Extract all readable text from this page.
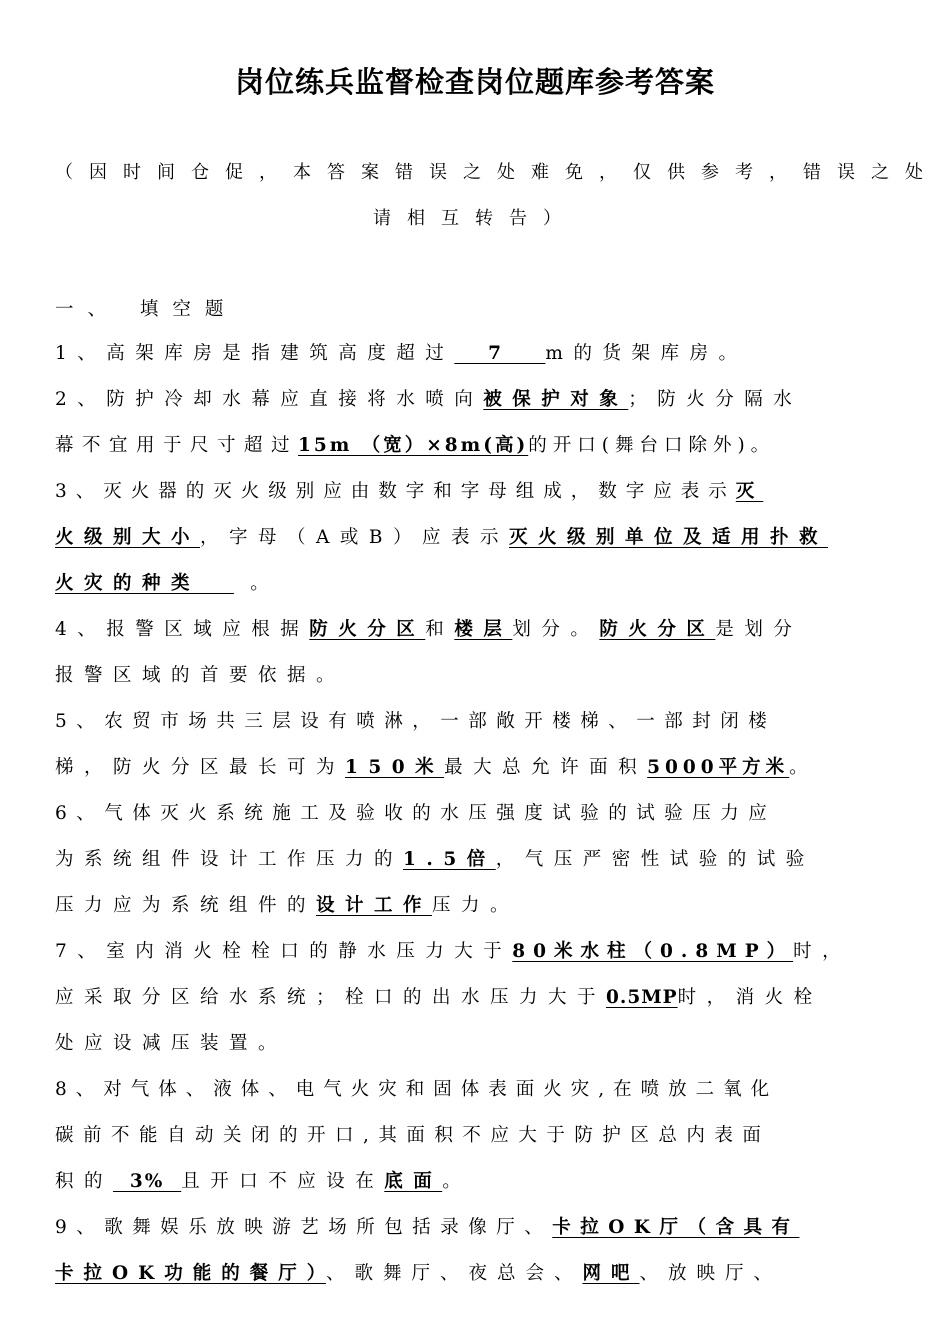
岗位练兵监督检查岗位题库参考答案
（因时间仓促，本答案错误之处难免，仅供参考，错误之处
请相互转告）
一、 填空题
1、高架库房是指建筑高度超过  7  m的货架库房。
2、防护冷却水幕应直接将水喷向被保护对象；防火分隔水
幕不宜用于尺寸超过15m （宽）×8m(高)的开口(舞台口除外)。
3、灭火器的灭火级别应由数字和字母组成，数字应表示灭
火级别大小，字母（A或B）应表示灭火级别单位及适用扑救
火灾的种类   。
4、报警区域应根据防火分区和楼层划分。防火分区是划分
报警区域的首要依据。
5、农贸市场共三层设有喷淋，一部敞开楼梯、一部封闭楼
梯，防火分区最长可为150米最大总允许面积5000平方米。
6、气体灭火系统施工及验收的水压强度试验的试验压力应
为系统组件设计工作压力的1.5倍，气压严密性试验的试验
压力应为系统组件的设计工作压力。
7、室内消火栓栓口的静水压力大于80米水柱（0.8MP）时，
应采取分区给水系统；栓口的出水压力大于0.5MP时，消火栓
处应设减压装置。
8、对气体、液体、电气火灾和固体表面火灾,在喷放二氧化
碳前不能自动关闭的开口,其面积不应大于防护区总内表面
积的  3%  且开口不应设在底面。
9、歌舞娱乐放映游艺场所包括录像厅、卡拉OK厅（含具有
卡拉OK功能的餐厅）、歌舞厅、夜总会、网吧、放映厅、
